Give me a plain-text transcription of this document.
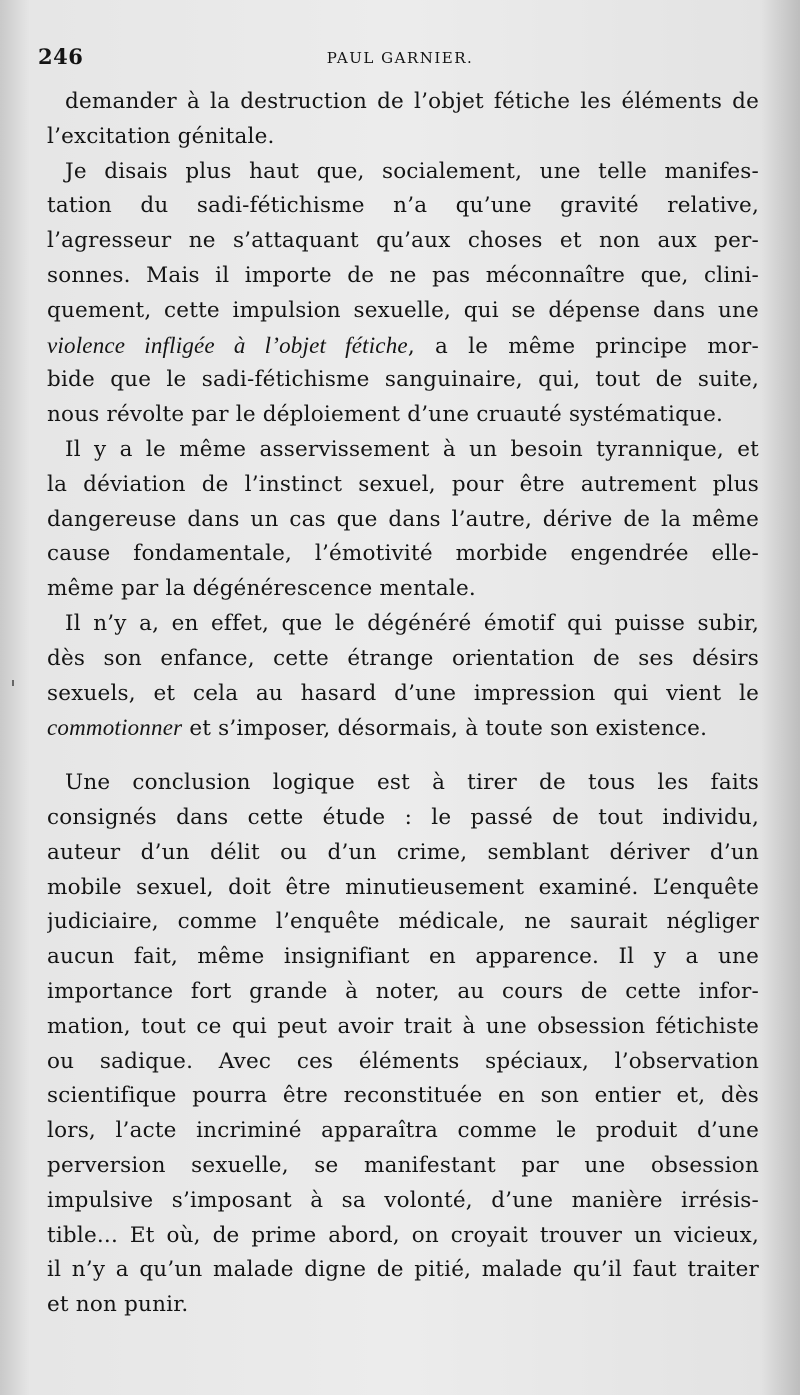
246	PAUL GARNIER.
demander à la destruction de l’objet fétiche les éléments de
l’excitation génitale.
Je disais plus haut que, socialement, une telle manifes-
tation du sadi-fétichisme n’a qu’une gravité relative,
l’agresseur ne s’attaquant qu’aux choses et non aux per-
sonnes. Mais il importe de ne pas méconnaître que, clini-
quement, cette impulsion sexuelle, qui se dépense dans une
violence infligée à l’objet fétiche, a le même principe mor-
bide que le sadi-fétichisme sanguinaire, qui, tout de suite,
nous révolte par le déploiement d’une cruauté systématique.
Il y a le même asservissement à un besoin tyrannique, et
la déviation de l’instinct sexuel, pour être autrement plus
dangereuse dans un cas que dans l’autre, dérive de la même
cause fondamentale, l’émotivité morbide engendrée elle-
même par la dégénérescence mentale.
Il n’y a, en effet, que le dégénéré émotif qui puisse subir,
dès son enfance, cette étrange orientation de ses désirs
sexuels, et cela au hasard d’une impression qui vient le
commotionner et s’imposer, désormais, à toute son existence.
Une conclusion logique est à tirer de tous les faits
consignés dans cette étude : le passé de tout individu,
auteur d’un délit ou d’un crime, semblant dériver d’un
mobile sexuel, doit être minutieusement examiné. L’enquête
judiciaire, comme l’enquête médicale, ne saurait négliger
aucun fait, même insignifiant en apparence. Il y a une
importance fort grande à noter, au cours de cette infor-
mation, tout ce qui peut avoir trait à une obsession fétichiste
ou sadique. Avec ces éléments spéciaux, l’observation
scientifique pourra être reconstituée en son entier et, dès
lors, l’acte incriminé apparaîtra comme le produit d’une
perversion sexuelle, se manifestant par une obsession
impulsive s’imposant à sa volonté, d’une manière irrésis-
tible... Et où, de prime abord, on croyait trouver un vicieux,
il n’y a qu’un malade digne de pitié, malade qu’il faut traiter
et non punir.
